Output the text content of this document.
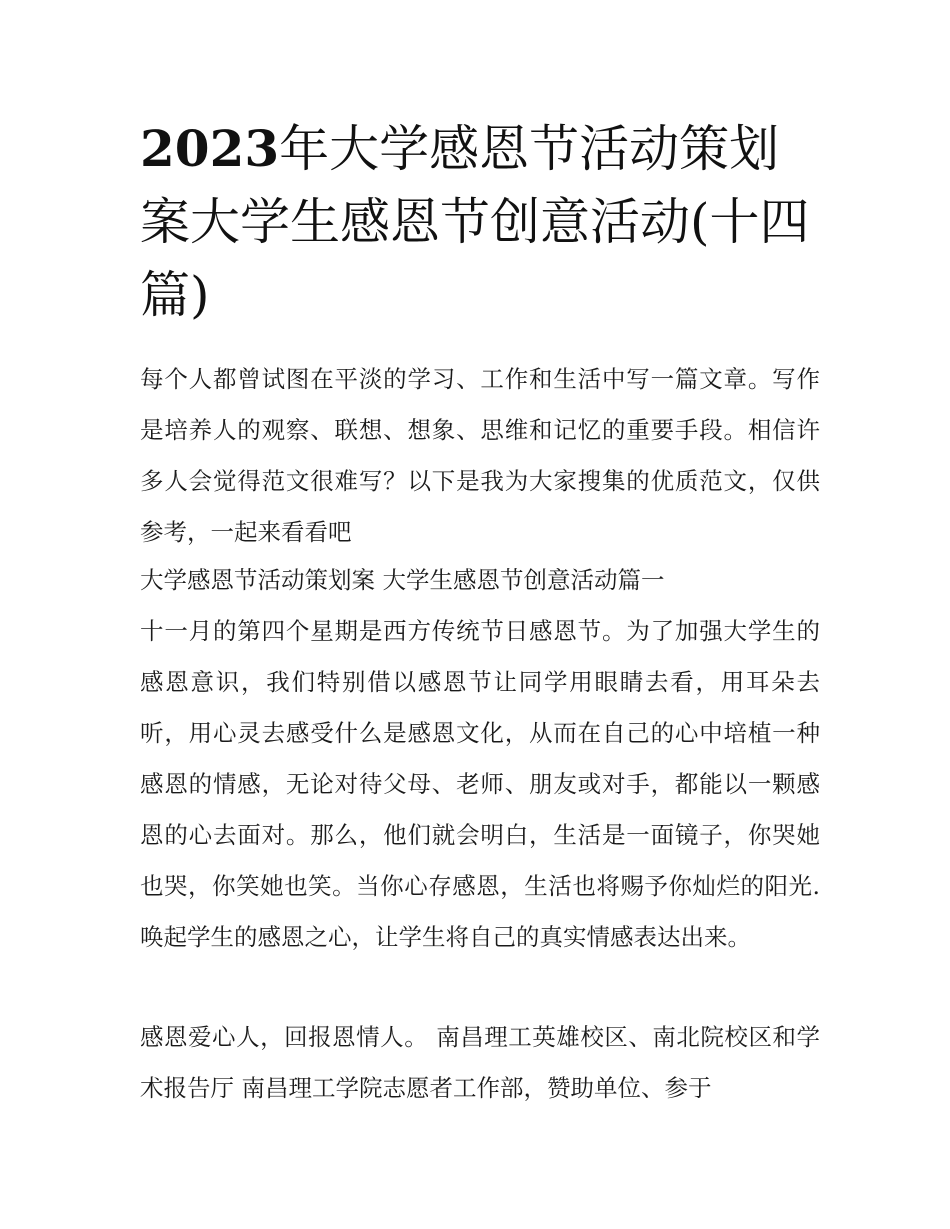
2023年大学感恩节活动策划案大学生感恩节创意活动(十四篇)

每个人都曾试图在平淡的学习、工作和生活中写一篇文章。写作是培养人的观察、联想、想象、思维和记忆的重要手段。相信许多人会觉得范文很难写？以下是我为大家搜集的优质范文，仅供参考，一起来看看吧

大学感恩节活动策划案 大学生感恩节创意活动篇一

十一月的第四个星期是西方传统节日感恩节。为了加强大学生的感恩意识，我们特别借以感恩节让同学用眼睛去看，用耳朵去听，用心灵去感受什么是感恩文化，从而在自己的心中培植一种感恩的情感，无论对待父母、老师、朋友或对手，都能以一颗感恩的心去面对。那么，他们就会明白，生活是一面镜子，你哭她也哭，你笑她也笑。当你心存感恩，生活也将赐予你灿烂的阳光.唤起学生的感恩之心，让学生将自己的真实情感表达出来。

感恩爱心人，回报恩情人。 南昌理工英雄校区、南北院校区和学术报告厅 南昌理工学院志愿者工作部，赞助单位、参于
